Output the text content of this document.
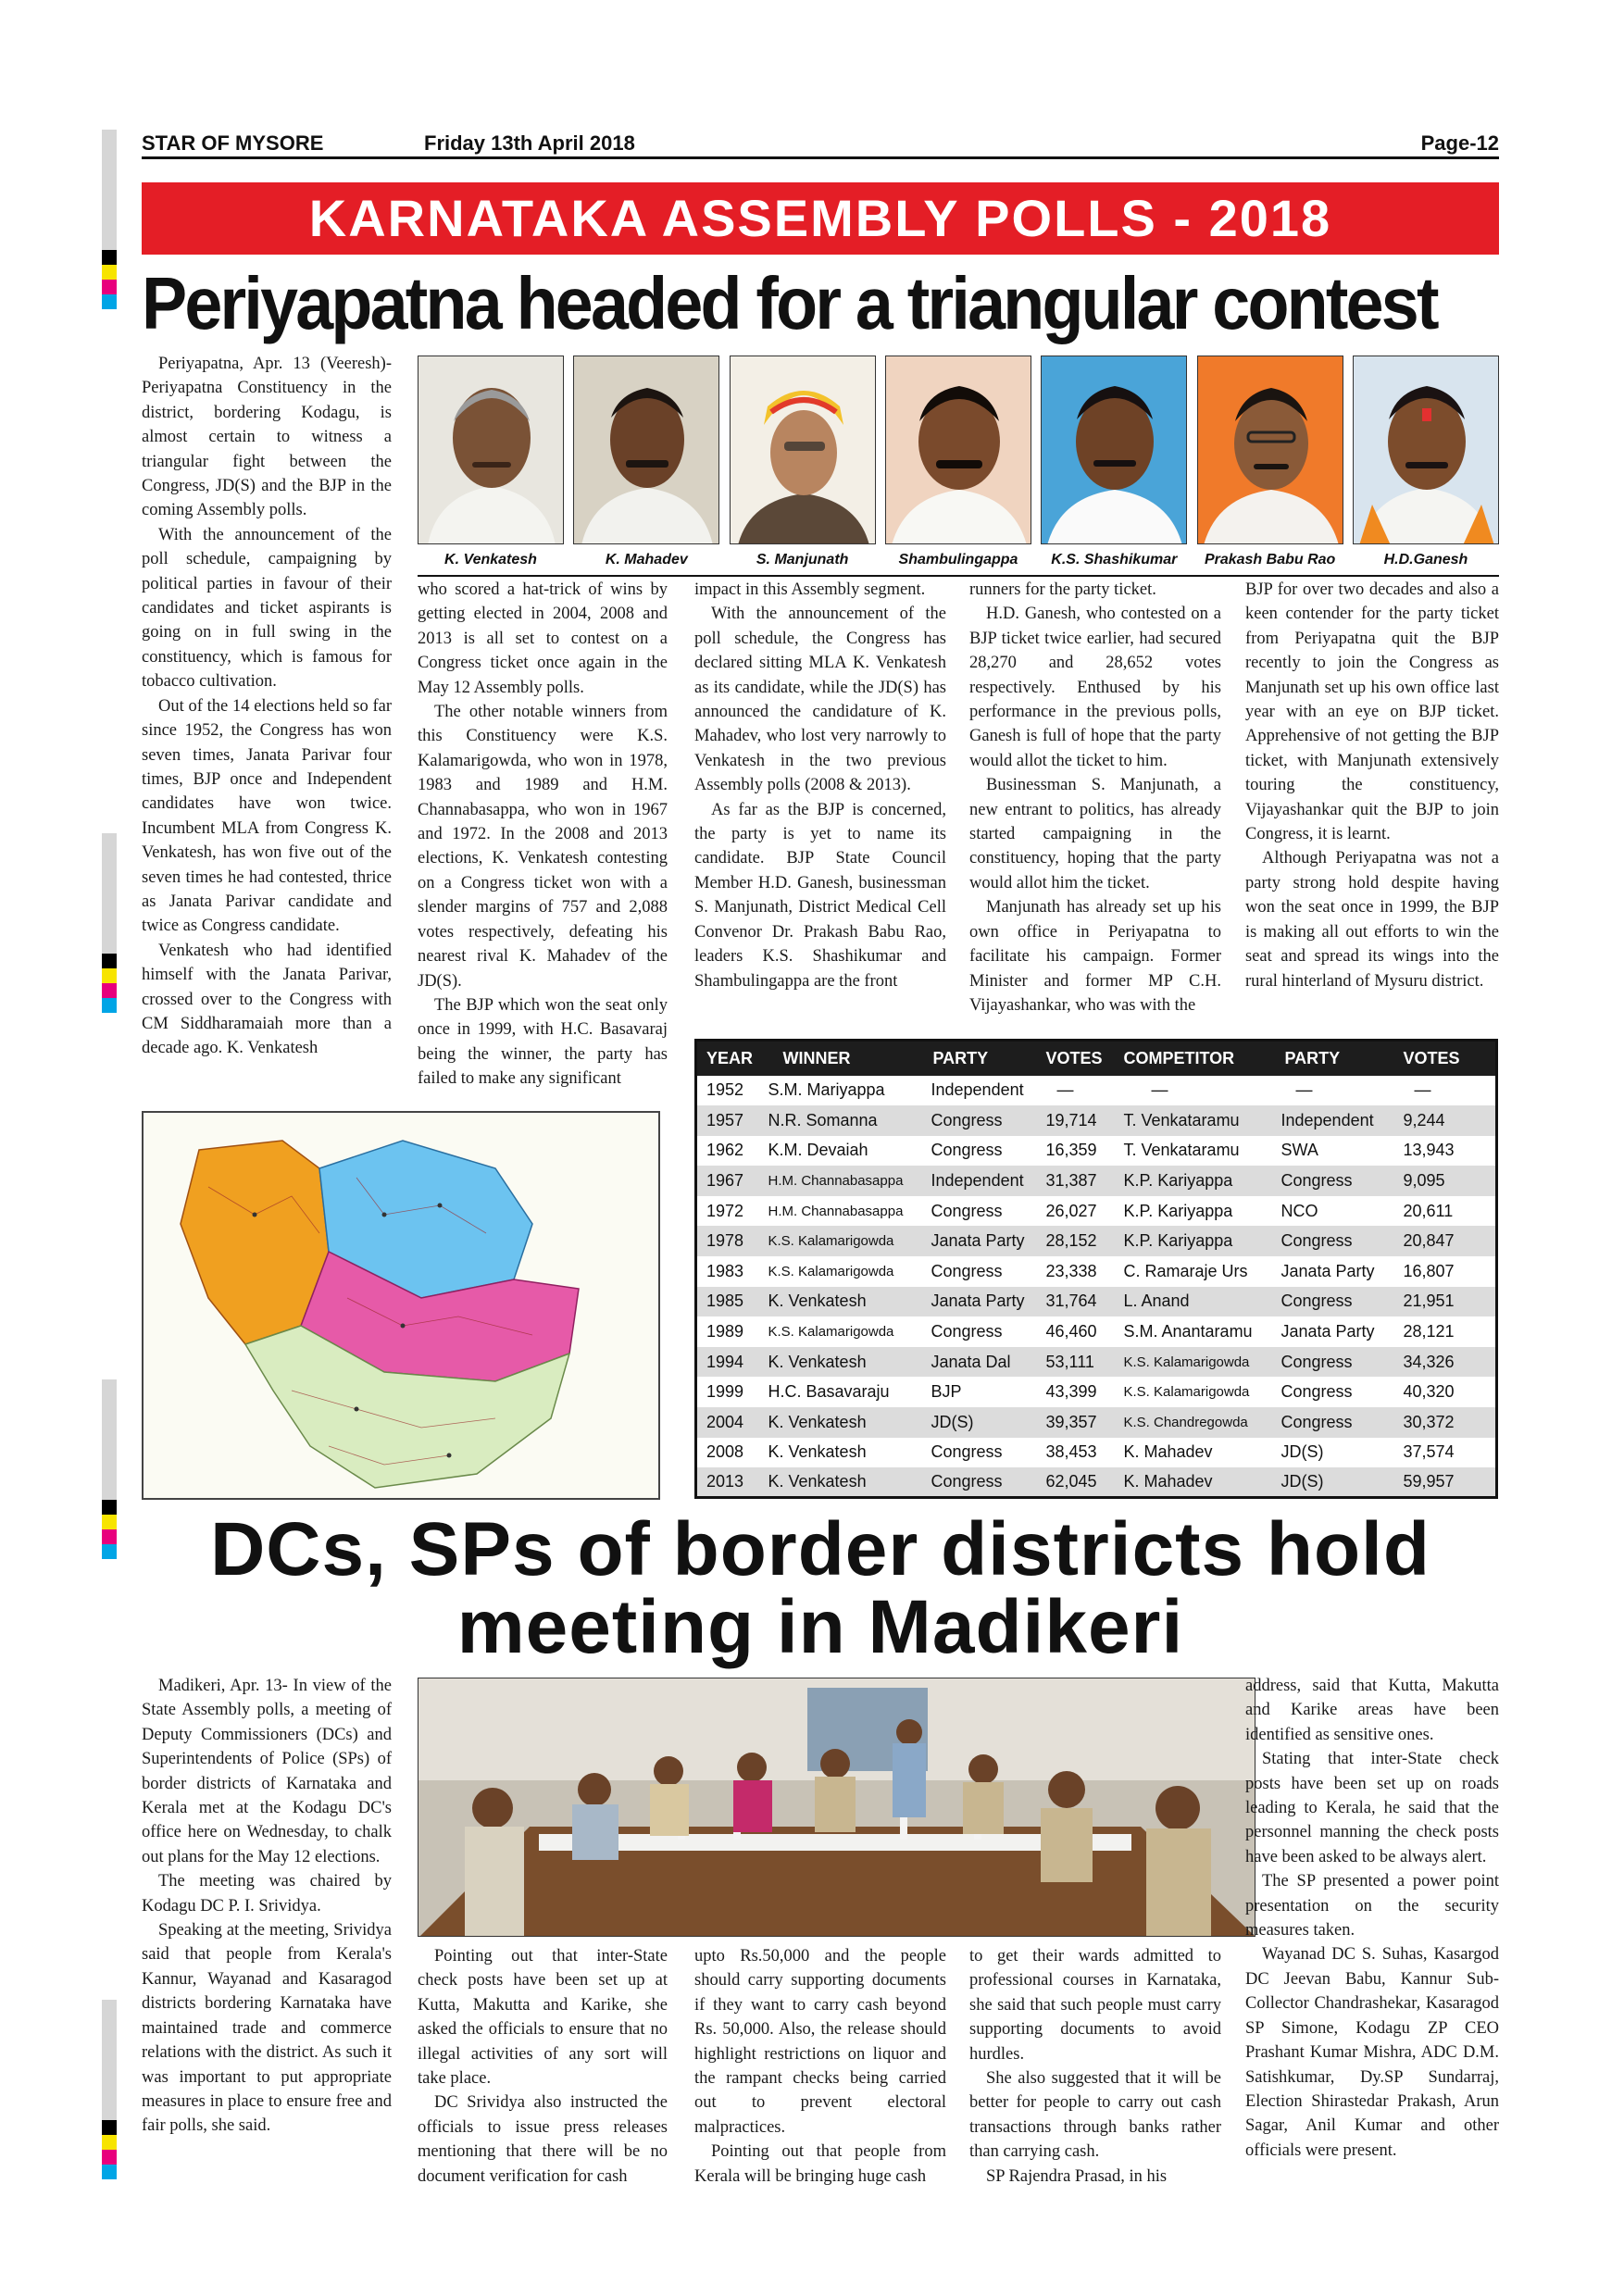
STAR OF MYSORE	Friday 13th April 2018	Page-12
KARNATAKA ASSEMBLY POLLS - 2018
Periyapatna headed for a triangular contest

Periyapatna, Apr. 13 (Veeresh)- Periyapatna Constituency in the district, bordering Kodagu, is almost certain to witness a triangular fight between the Congress, JD(S) and the BJP in the coming Assembly polls.

With the announcement of the poll schedule, campaigning by political parties in favour of their candidates and ticket aspirants is going on in full swing in the constituency, which is famous for tobacco cultivation.

Out of the 14 elections held so far since 1952, the Congress has won seven times, Janata Parivar four times, BJP once and Independent candidates have won twice. Incumbent MLA from Congress K. Venkatesh, has won five out of the seven times he had contested, thrice as Janata Parivar candidate and twice as Congress candidate.

Venkatesh who had identified himself with the Janata Parivar, crossed over to the Congress with CM Siddharamaiah more than a decade ago. K. Venkatesh

K. Venkatesh	K. Mahadev	S. Manjunath	Shambulingappa	K.S. Shashikumar	Prakash Babu Rao	H.D.Ganesh

who scored a hat-trick of wins by getting elected in 2004, 2008 and 2013 is all set to contest on a Congress ticket once again in the May 12 Assembly polls.

The other notable winners from this Constituency were K.S. Kalamarigowda, who won in 1978, 1983 and 1989 and H.M. Channabasappa, who won in 1967 and 1972. In the 2008 and 2013 elections, K. Venkatesh contesting on a Congress ticket won with a slender margins of 757 and 2,088 votes respectively, defeating his nearest rival K. Mahadev of the JD(S).

The BJP which won the seat only once in 1999, with H.C. Basavaraj being the winner, the party has failed to make any significant

impact in this Assembly segment.

With the announcement of the poll schedule, the Congress has declared sitting MLA K. Venkatesh as its candidate, while the JD(S) has announced the candidature of K. Mahadev, who lost very narrowly to Venkatesh in the two previous Assembly polls (2008 & 2013).

As far as the BJP is concerned, the party is yet to name its candidate. BJP State Council Member H.D. Ganesh, businessman S. Manjunath, District Medical Cell Convenor Dr. Prakash Babu Rao, leaders K.S. Shashikumar and Shambulingappa are the front

runners for the party ticket.

H.D. Ganesh, who contested on a BJP ticket twice earlier, had secured 28,270 and 28,652 votes respectively. Enthused by his performance in the previous polls, Ganesh is full of hope that the party would allot the ticket to him.

Businessman S. Manjunath, a new entrant to politics, has already started campaigning in the constituency, hoping that the party would allot him the ticket.

Manjunath has already set up his own office in Periyapatna to facilitate his campaign. Former Minister and former MP C.H. Vijayashankar, who was with the

BJP for over two decades and also a keen contender for the party ticket from Periyapatna quit the BJP recently to join the Congress as Manjunath set up his own office last year with an eye on BJP ticket. Apprehensive of not getting the BJP ticket, with Manjunath extensively touring the constituency, Vijayashankar quit the BJP to join Congress, it is learnt.

Although Periyapatna was not a party strong hold despite having won the seat once in 1999, the BJP is making all out efforts to win the seat and spread its wings into the rural hinterland of Mysuru district.

YEAR	WINNER	PARTY	VOTES	COMPETITOR	PARTY	VOTES
1952	S.M. Mariyappa	Independent	—	—	—	—
1957	N.R. Somanna	Congress	19,714	T. Venkataramu	Independent	9,244
1962	K.M. Devaiah	Congress	16,359	T. Venkataramu	SWA	13,943
1967	H.M. Channabasappa	Independent	31,387	K.P. Kariyappa	Congress	9,095
1972	H.M. Channabasappa	Congress	26,027	K.P. Kariyappa	NCO	20,611
1978	K.S. Kalamarigowda	Janata Party	28,152	K.P. Kariyappa	Congress	20,847
1983	K.S. Kalamarigowda	Congress	23,338	C. Ramaraje Urs	Janata Party	16,807
1985	K. Venkatesh	Janata Party	31,764	L. Anand	Congress	21,951
1989	K.S. Kalamarigowda	Congress	46,460	S.M. Anantaramu	Janata Party	28,121
1994	K. Venkatesh	Janata Dal	53,111	K.S. Kalamarigowda	Congress	34,326
1999	H.C. Basavaraju	BJP	43,399	K.S. Kalamarigowda	Congress	40,320
2004	K. Venkatesh	JD(S)	39,357	K.S. Chandregowda	Congress	30,372
2008	K. Venkatesh	Congress	38,453	K. Mahadev	JD(S)	37,574
2013	K. Venkatesh	Congress	62,045	K. Mahadev	JD(S)	59,957
DCs, SPs of border districts hold
meeting in Madikeri

Madikeri, Apr. 13- In view of the State Assembly polls, a meeting of Deputy Commissioners (DCs) and Superintendents of Police (SPs) of border districts of Karnataka and Kerala met at the Kodagu DC's office here on Wednesday, to chalk out plans for the May 12 elections.

The meeting was chaired by Kodagu DC P. I. Srividya.

Speaking at the meeting, Srividya said that people from Kerala's Kannur, Wayanad and Kasaragod districts bordering Karnataka have maintained trade and commerce relations with the district. As such it was important to put appropriate measures in place to ensure free and fair polls, she said.

Pointing out that inter-State check posts have been set up at Kutta, Makutta and Karike, she asked the officials to ensure that no illegal activities of any sort will take place.

DC Srividya also instructed the officials to issue press releases mentioning that there will be no document verification for cash

upto Rs.50,000 and the people should carry supporting documents if they want to carry cash beyond Rs. 50,000. Also, the release should highlight restrictions on liquor and the rampant checks being carried out to prevent electoral malpractices.

Pointing out that people from Kerala will be bringing huge cash

to get their wards admitted to professional courses in Karnataka, she said that such people must carry supporting documents to avoid hurdles.

She also suggested that it will be better for people to carry out cash transactions through banks rather than carrying cash.

SP Rajendra Prasad, in his

address, said that Kutta, Makutta and Karike areas have been identified as sensitive ones.

Stating that inter-State check posts have been set up on roads leading to Kerala, he said that the personnel manning the check posts have been asked to be always alert.

The SP presented a power point presentation on the security measures taken.

Wayanad DC S. Suhas, Kasargod DC Jeevan Babu, Kannur Sub-Collector Chandrashekar, Kasaragod SP Simone, Kodagu ZP CEO Prashant Kumar Mishra, ADC D.M. Satishkumar, Dy.SP Sundarraj, Election Shirastedar Prakash, Arun Sagar, Anil Kumar and other officials were present.
